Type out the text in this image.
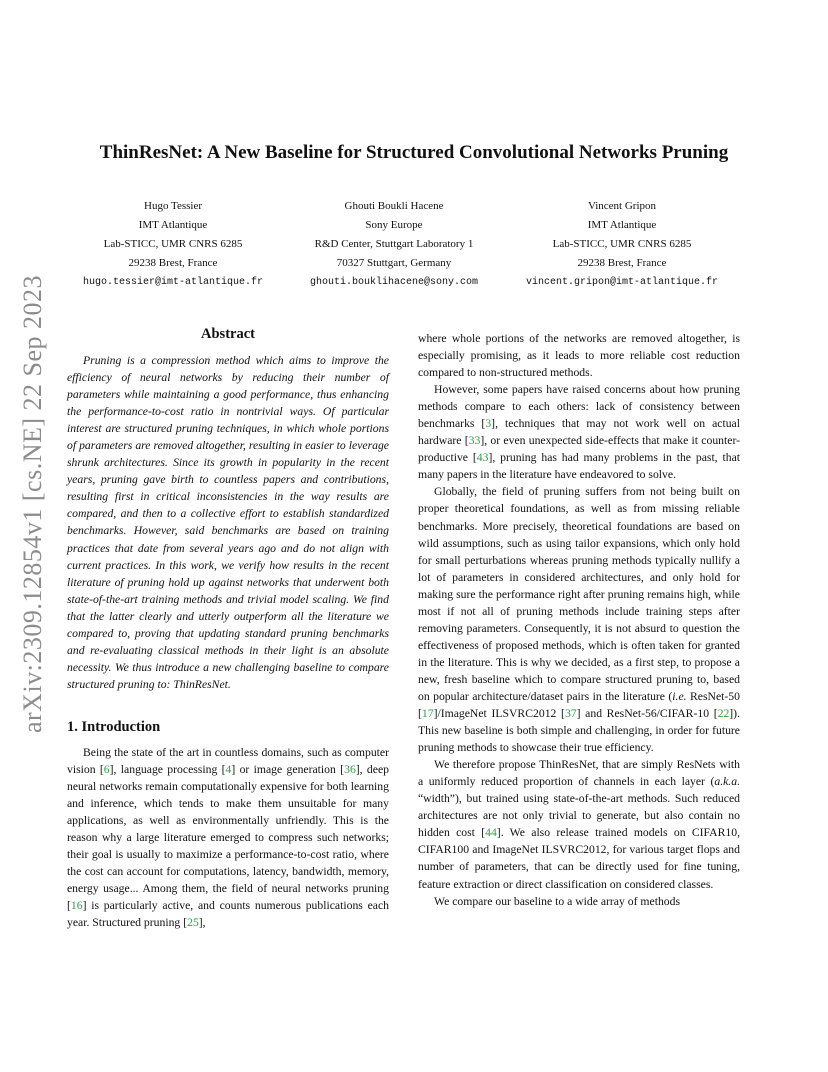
arXiv:2309.12854v1 [cs.NE] 22 Sep 2023
ThinResNet: A New Baseline for Structured Convolutional Networks Pruning
Hugo Tessier
IMT Atlantique
Lab-STICC, UMR CNRS 6285
29238 Brest, France
hugo.tessier@imt-atlantique.fr
Ghouti Boukli Hacene
Sony Europe
R&D Center, Stuttgart Laboratory 1
70327 Stuttgart, Germany
ghouti.bouklihacene@sony.com
Vincent Gripon
IMT Atlantique
Lab-STICC, UMR CNRS 6285
29238 Brest, France
vincent.gripon@imt-atlantique.fr
Abstract

Pruning is a compression method which aims to improve the efficiency of neural networks by reducing their number of parameters while maintaining a good performance, thus enhancing the performance-to-cost ratio in nontrivial ways. Of particular interest are structured pruning techniques, in which whole portions of parameters are removed altogether, resulting in easier to leverage shrunk architectures. Since its growth in popularity in the recent years, pruning gave birth to countless papers and contributions, resulting first in critical inconsistencies in the way results are compared, and then to a collective effort to establish standardized benchmarks. However, said benchmarks are based on training practices that date from several years ago and do not align with current practices. In this work, we verify how results in the recent literature of pruning hold up against networks that underwent both state-of-the-art training methods and trivial model scaling. We find that the latter clearly and utterly outperform all the literature we compared to, proving that updating standard pruning benchmarks and re-evaluating classical methods in their light is an absolute necessity. We thus introduce a new challenging baseline to compare structured pruning to: ThinResNet.

1. Introduction

Being the state of the art in countless domains, such as computer vision [6], language processing [4] or image generation [36], deep neural networks remain computationally expensive for both learning and inference, which tends to make them unsuitable for many applications, as well as environmentally unfriendly. This is the reason why a large literature emerged to compress such networks; their goal is usually to maximize a performance-to-cost ratio, where the cost can account for computations, latency, bandwidth, memory, energy usage... Among them, the field of neural networks pruning [16] is particularly active, and counts numerous publications each year. Structured pruning [25],

where whole portions of the networks are removed altogether, is especially promising, as it leads to more reliable cost reduction compared to non-structured methods.

However, some papers have raised concerns about how pruning methods compare to each others: lack of consistency between benchmarks [3], techniques that may not work well on actual hardware [33], or even unexpected side-effects that make it counter-productive [43], pruning has had many problems in the past, that many papers in the literature have endeavored to solve.

Globally, the field of pruning suffers from not being built on proper theoretical foundations, as well as from missing reliable benchmarks. More precisely, theoretical foundations are based on wild assumptions, such as using tailor expansions, which only hold for small perturbations whereas pruning methods typically nullify a lot of parameters in considered architectures, and only hold for making sure the performance right after pruning remains high, while most if not all of pruning methods include training steps after removing parameters. Consequently, it is not absurd to question the effectiveness of proposed methods, which is often taken for granted in the literature. This is why we decided, as a first step, to propose a new, fresh baseline which to compare structured pruning to, based on popular architecture/dataset pairs in the literature (i.e. ResNet-50 [17]/ImageNet ILSVRC2012 [37] and ResNet-56/CIFAR-10 [22]). This new baseline is both simple and challenging, in order for future pruning methods to showcase their true efficiency.

We therefore propose ThinResNet, that are simply ResNets with a uniformly reduced proportion of channels in each layer (a.k.a. “width”), but trained using state-of-the-art methods. Such reduced architectures are not only trivial to generate, but also contain no hidden cost [44]. We also release trained models on CIFAR10, CIFAR100 and ImageNet ILSVRC2012, for various target flops and number of parameters, that can be directly used for fine tuning, feature extraction or direct classification on considered classes.

We compare our baseline to a wide array of methods
